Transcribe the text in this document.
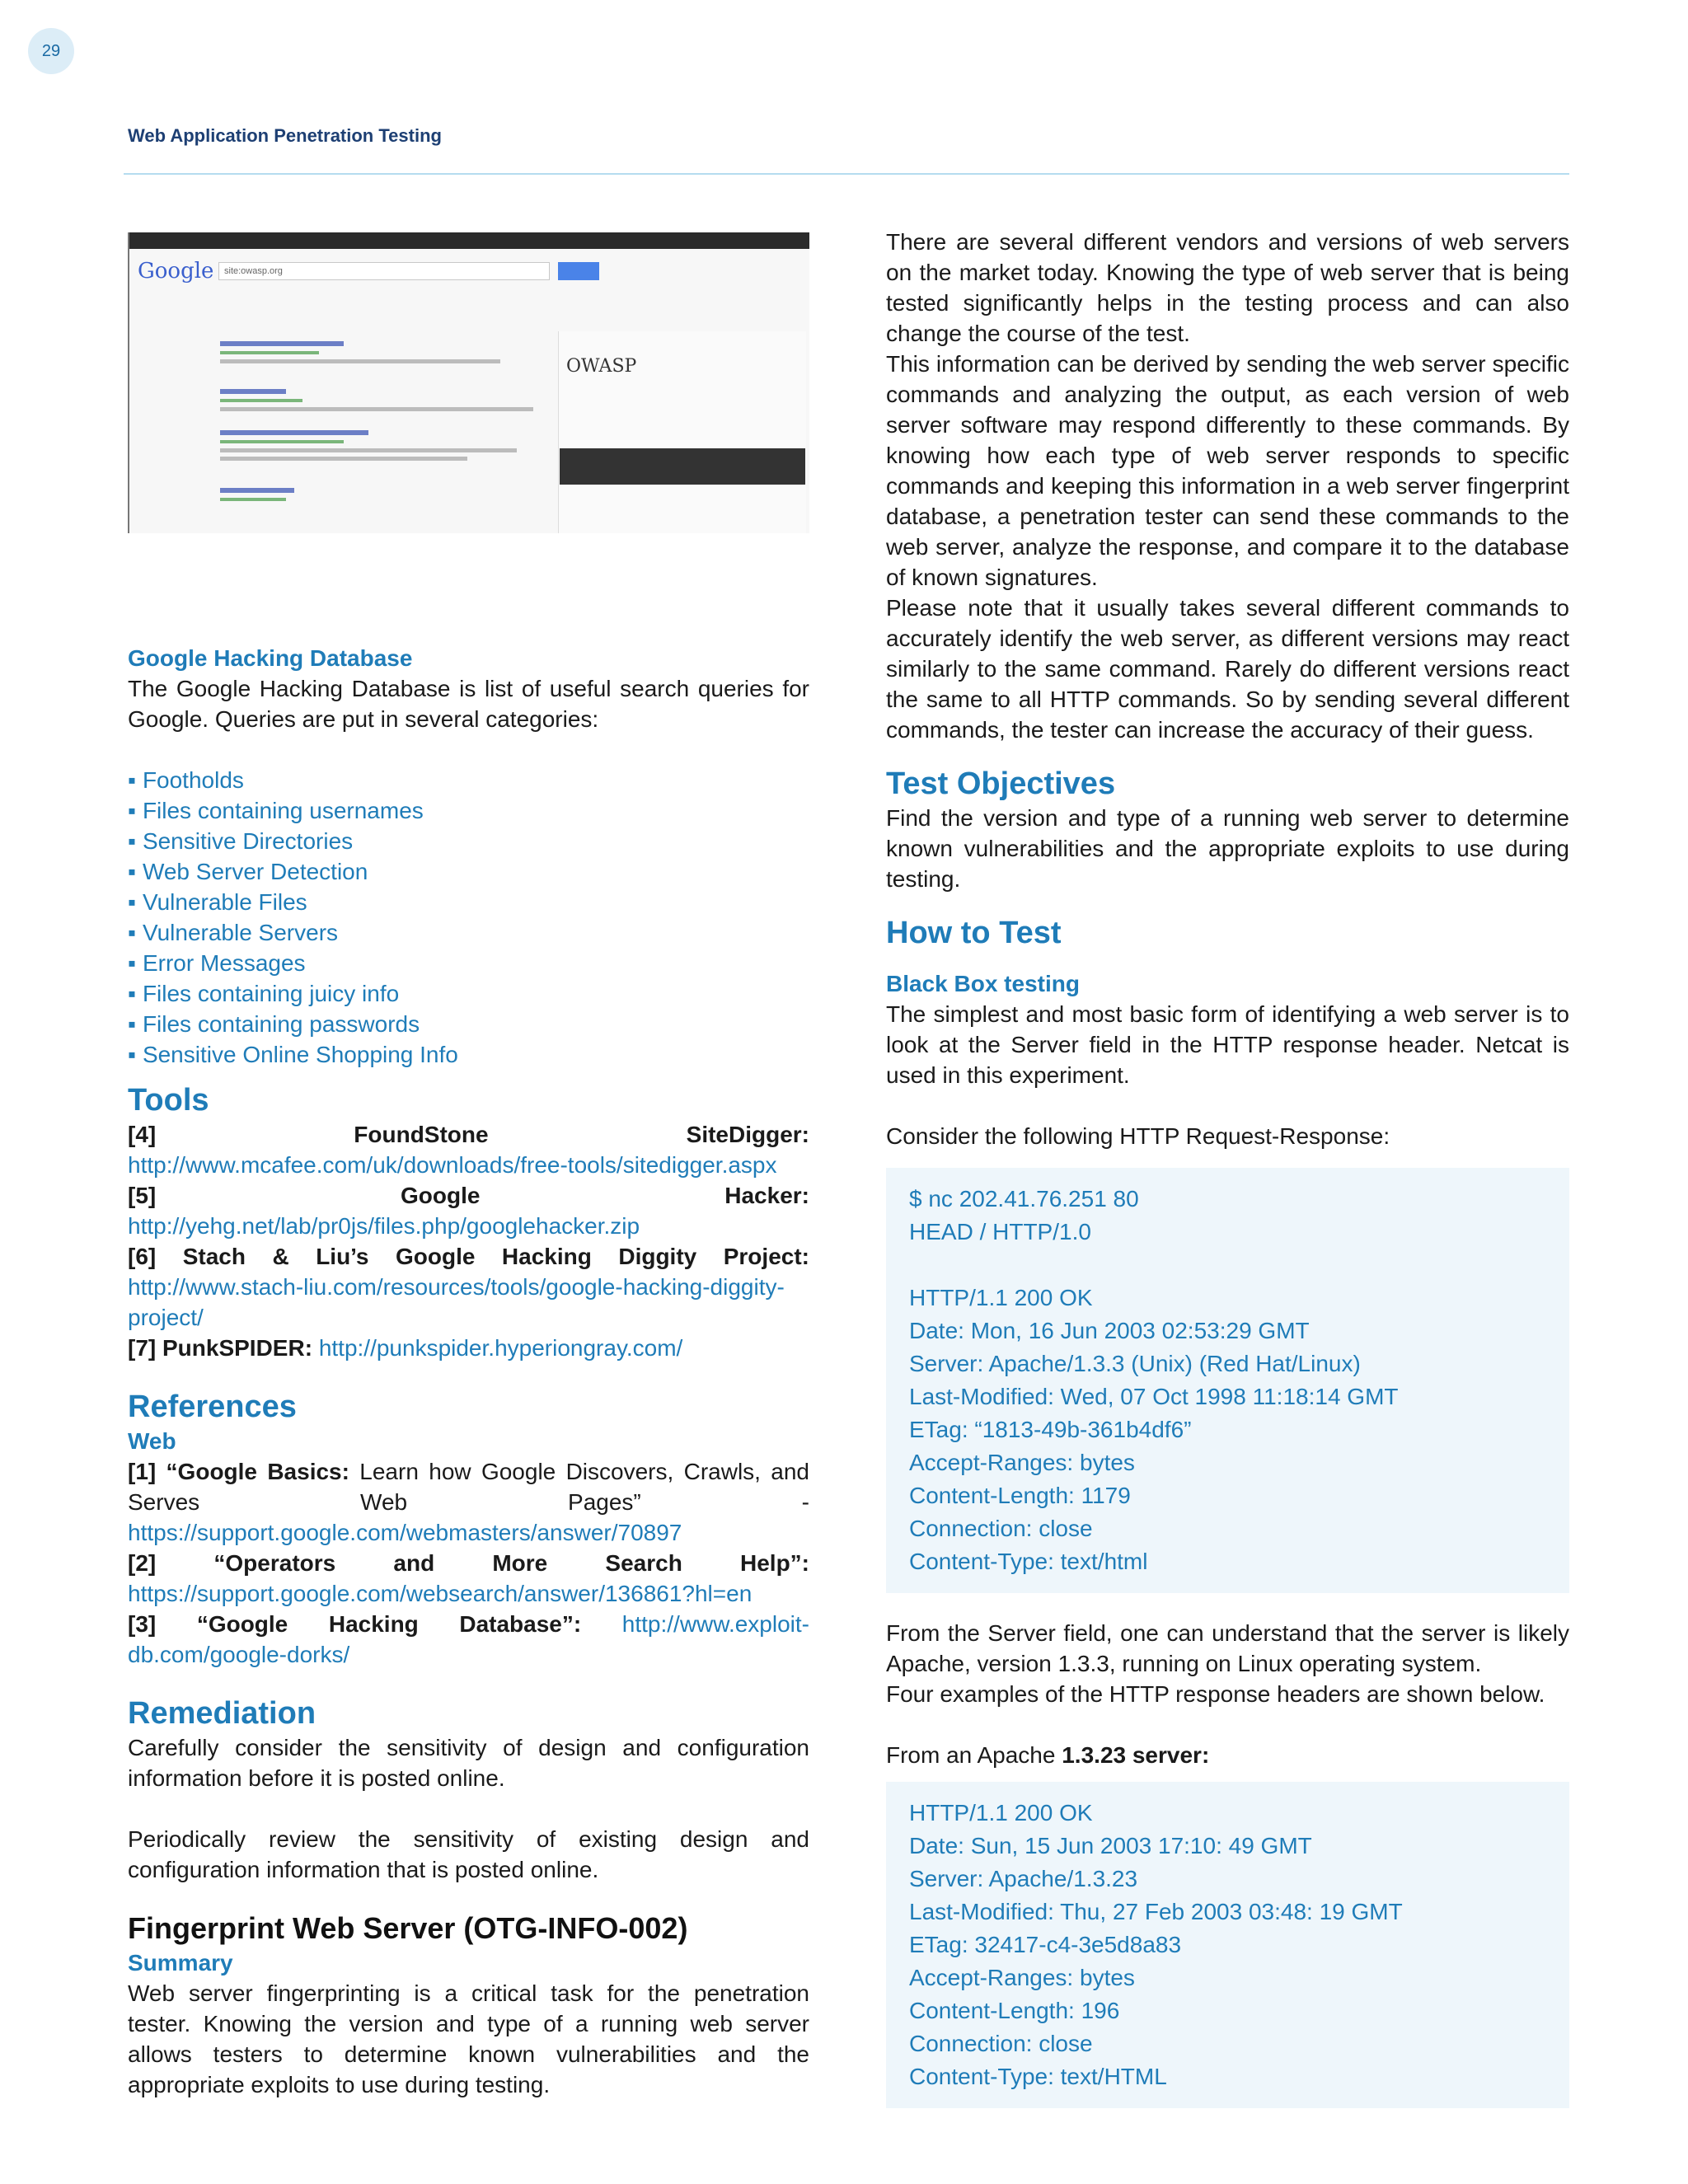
29
Web Application Penetration Testing
Google	site:owasp.org
OWASP
Google Hacking Database

The Google Hacking Database is list of useful search queries for Google. Queries are put in several categories:

▪ Footholds
▪ Files containing usernames
▪ Sensitive Directories
▪ Web Server Detection
▪ Vulnerable Files
▪ Vulnerable Servers
▪ Error Messages
▪ Files containing juicy info
▪ Files containing passwords
▪ Sensitive Online Shopping Info
Tools

[4] FoundStone SiteDigger: http://www.mcafee.com/uk/downloads/free-tools/sitedigger.aspx

[5] Google Hacker: http://yehg.net/lab/pr0js/files.php/googlehacker.zip

[6] Stach & Liu’s Google Hacking Diggity Project: http://www.stach-liu.com/resources/tools/google-hacking-diggity-project/

[7] PunkSPIDER: http://punkspider.hyperiongray.com/

References
Web

[1] “Google Basics: Learn how Google Discovers, Crawls, and Serves Web Pages” - https://support.google.com/webmasters/answer/70897

[2] “Operators and More Search Help”: https://support.google.com/websearch/answer/136861?hl=en

[3] “Google Hacking Database”: http://www.exploit-db.com/google-dorks/

Remediation

Carefully consider the sensitivity of design and configuration information before it is posted online.

Periodically review the sensitivity of existing design and configuration information that is posted online.

Fingerprint Web Server (OTG-INFO-002)
Summary

Web server fingerprinting is a critical task for the penetration tester. Knowing the version and type of a running web server allows testers to determine known vulnerabilities and the appropriate exploits to use during testing.

There are several different vendors and versions of web servers on the market today. Knowing the type of web server that is being tested significantly helps in the testing process and can also change the course of the test.

This information can be derived by sending the web server specific commands and analyzing the output, as each version of web server software may respond differently to these commands. By knowing how each type of web server responds to specific commands and keeping this information in a web server fingerprint database, a penetration tester can send these commands to the web server, analyze the response, and compare it to the database of known signatures.

Please note that it usually takes several different commands to accurately identify the web server, as different versions may react similarly to the same command. Rarely do different versions react the same to all HTTP commands. So by sending several different commands, the tester can increase the accuracy of their guess.

Test Objectives

Find the version and type of a running web server to determine known vulnerabilities and the appropriate exploits to use during testing.

How to Test
Black Box testing

The simplest and most basic form of identifying a web server is to look at the Server field in the HTTP response header. Netcat is used in this experiment.

Consider the following HTTP Request-Response:

$ nc 202.41.76.251 80
HEAD / HTTP/1.0
HTTP/1.1 200 OK
Date: Mon, 16 Jun 2003 02:53:29 GMT
Server: Apache/1.3.3 (Unix) (Red Hat/Linux)
Last-Modified: Wed, 07 Oct 1998 11:18:14 GMT
ETag: “1813-49b-361b4df6”
Accept-Ranges: bytes
Content-Length: 1179
Connection: close
Content-Type: text/html

From the Server field, one can understand that the server is likely Apache, version 1.3.3, running on Linux operating system.

Four examples of the HTTP response headers are shown below.

From an Apache 1.3.23 server:

HTTP/1.1 200 OK
Date: Sun, 15 Jun 2003 17:10: 49 GMT
Server: Apache/1.3.23
Last-Modified: Thu, 27 Feb 2003 03:48: 19 GMT
ETag: 32417-c4-3e5d8a83
Accept-Ranges: bytes
Content-Length: 196
Connection: close
Content-Type: text/HTML
